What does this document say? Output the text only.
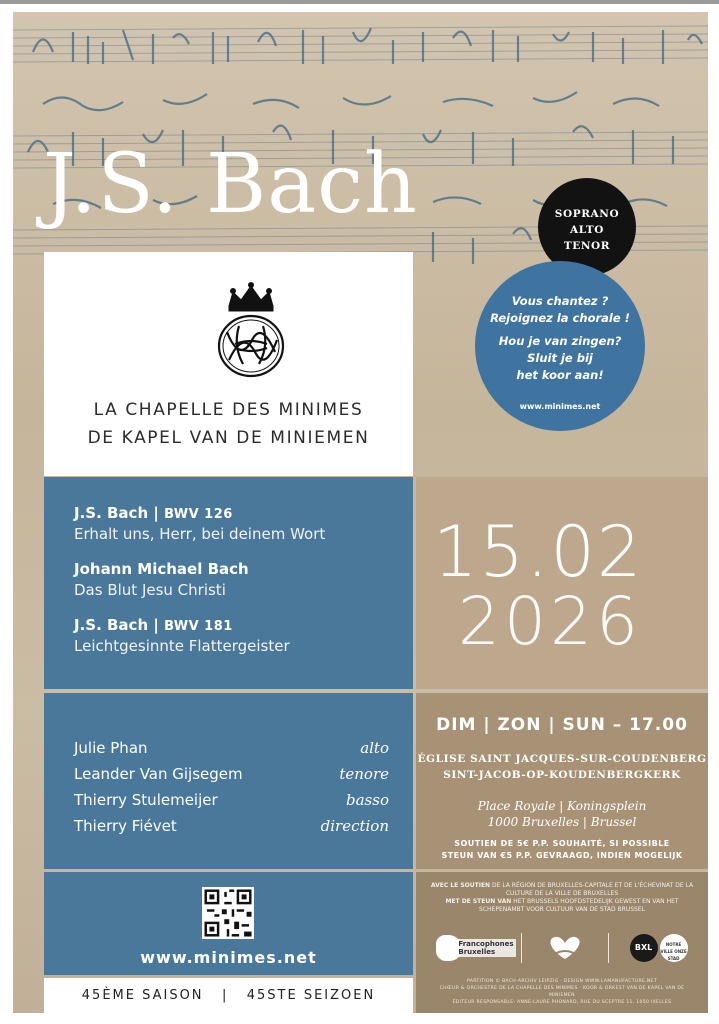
J.S. Bach
LA CHAPELLE DES MINIMES
DE KAPEL VAN DE MINIEMEN
J.S. Bach | BWV 126
Erhalt uns, Herr, bei deinem Wort
Johann Michael Bach
Das Blut Jesu Christi
J.S. Bach | BWV 181
Leichtgesinnte Flattergeister
Julie Phan	alto
Leander Van Gijsegem	tenore
Thierry Stulemeijer	basso
Thierry Fiévet	direction
www.minimes.net
15.02
2026
DIM | ZON | SUN – 17.00
ÉGLISE SAINT JACQUES-SUR-COUDENBERG
SINT-JACOB-OP-KOUDENBERGKERK
Place Royale | Koningsplein
1000 Bruxelles | Brussel
SOUTIEN DE 5€ P.P. SOUHAITÉ, SI POSSIBLE
STEUN VAN €5 P.P. GEVRAAGD, INDIEN MOGELIJK
AVEC LE SOUTIEN DE LA RÉGION DE BRUXELLES-CAPITALE ET DE L'ÉCHEVINAT DE LA CULTURE DE LA VILLE DE BRUXELLES
MET DE STEUN VAN HET BRUSSELS HOOFDSTEDELIJK GEWEST EN VAN HET SCHEPENAMBT VOOR CULTUUR VAN DE STAD BRUSSEL
Francophones Bruxelles	BXL	NOTRE VILLE ONZE STAD
PARTITION © BACH-ARCHIV LEIPZIG · DESIGN WWW.LAMANUFACTURE.NET
CHŒUR & ORCHESTRE DE LA CHAPELLE DES MINIMES · KOOR & ORKEST VAN DE KAPEL VAN DE MINIEMEN
ÉDITEUR RESPONSABLE: ANNE-LAURE PHONARD, RUE DU SCEPTRE 11, 1050 IXELLES
45ÈME SAISON | 45STE SEIZOEN
SOPRANO
ALTO
TENOR
Vous chantez ?
Rejoignez la chorale !
Hou je van zingen?
Sluit je bij
het koor aan!
www.minimes.net
